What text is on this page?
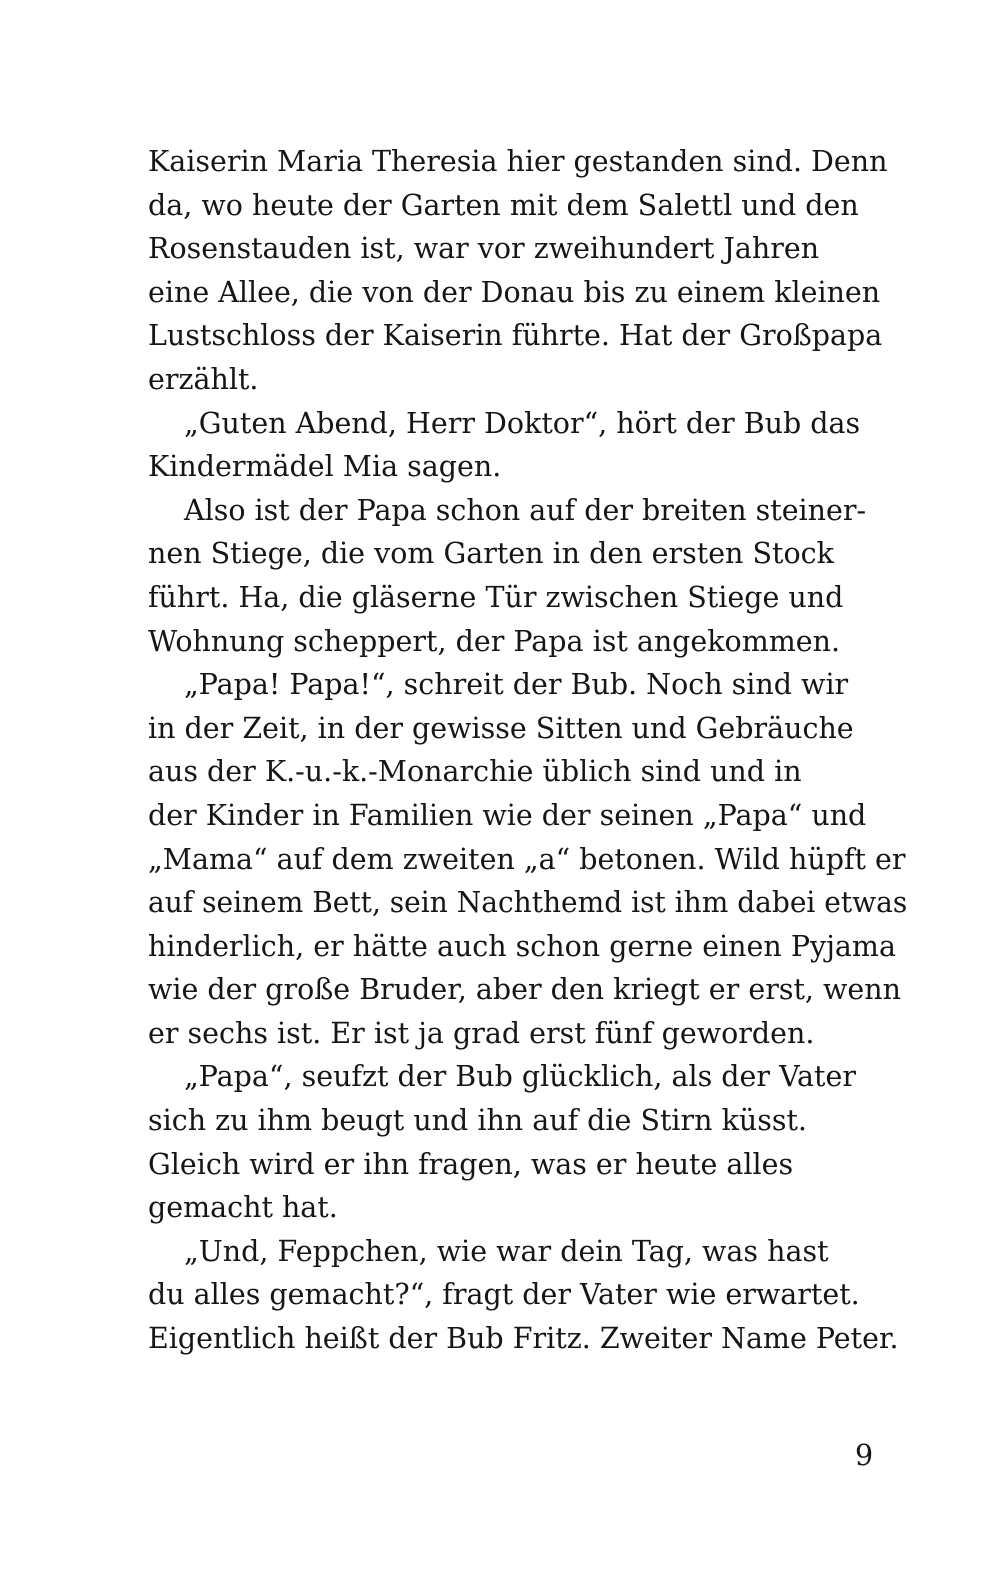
Kaiserin Maria Theresia hier gestanden sind. Denn
da, wo heute der Garten mit dem Salettl und den
Rosenstauden ist, war vor zweihundert Jahren
eine Allee, die von der Donau bis zu einem kleinen
Lustschloss der Kaiserin führte. Hat der Großpapa
erzählt.
„Guten Abend, Herr Doktor“, hört der Bub das
Kindermädel Mia sagen.
Also ist der Papa schon auf der breiten steiner-
nen Stiege, die vom Garten in den ersten Stock
führt. Ha, die gläserne Tür zwischen Stiege und
Wohnung scheppert, der Papa ist angekommen.
„Papa! Papa!“, schreit der Bub. Noch sind wir
in der Zeit, in der gewisse Sitten und Gebräuche
aus der K.-u.-k.-Monarchie üblich sind und in
der Kinder in Familien wie der seinen „Papa“ und
„Mama“ auf dem zweiten „a“ betonen. Wild hüpft er
auf seinem Bett, sein Nachthemd ist ihm dabei etwas
hinderlich, er hätte auch schon gerne einen Pyjama
wie der große Bruder, aber den kriegt er erst, wenn
er sechs ist. Er ist ja grad erst fünf geworden.
„Papa“, seufzt der Bub glücklich, als der Vater
sich zu ihm beugt und ihn auf die Stirn küsst.
Gleich wird er ihn fragen, was er heute alles
gemacht hat.
„Und, Feppchen, wie war dein Tag, was hast
du alles gemacht?“, fragt der Vater wie erwartet.
Eigentlich heißt der Bub Fritz. Zweiter Name Peter.
9
